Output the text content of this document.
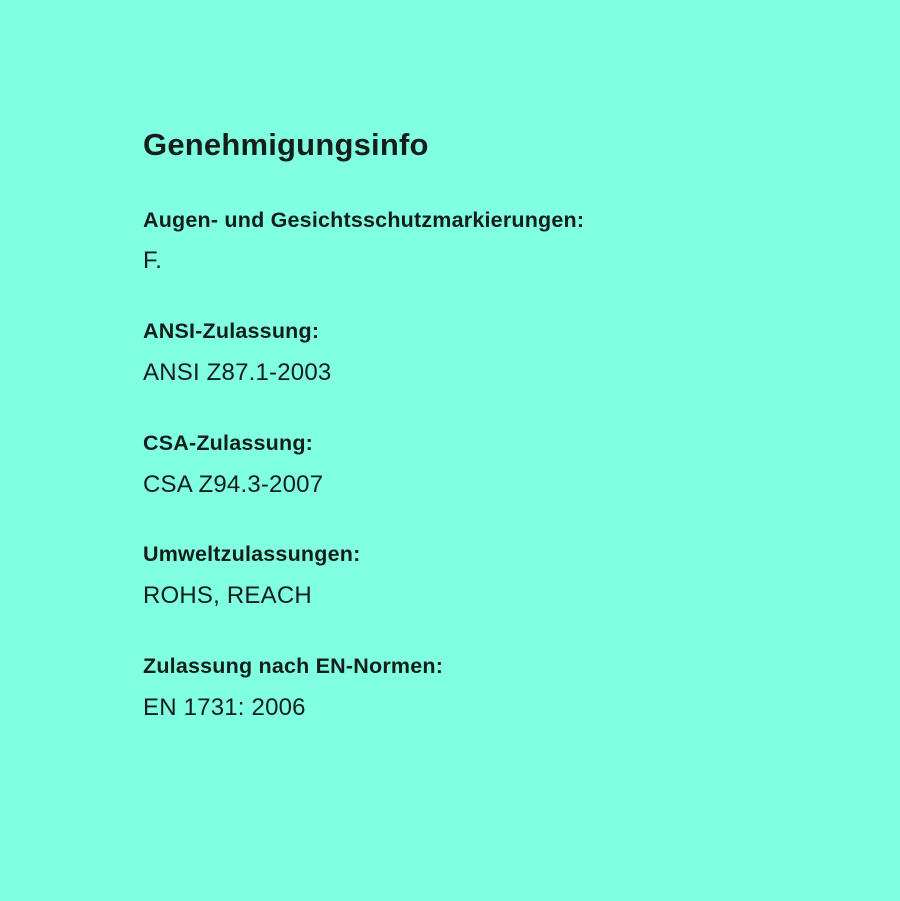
Genehmigungsinfo
Augen- und Gesichtsschutzmarkierungen:
F.
ANSI-Zulassung:
ANSI Z87.1-2003
CSA-Zulassung:
CSA Z94.3-2007
Umweltzulassungen:
ROHS, REACH
Zulassung nach EN-Normen:
EN 1731: 2006
